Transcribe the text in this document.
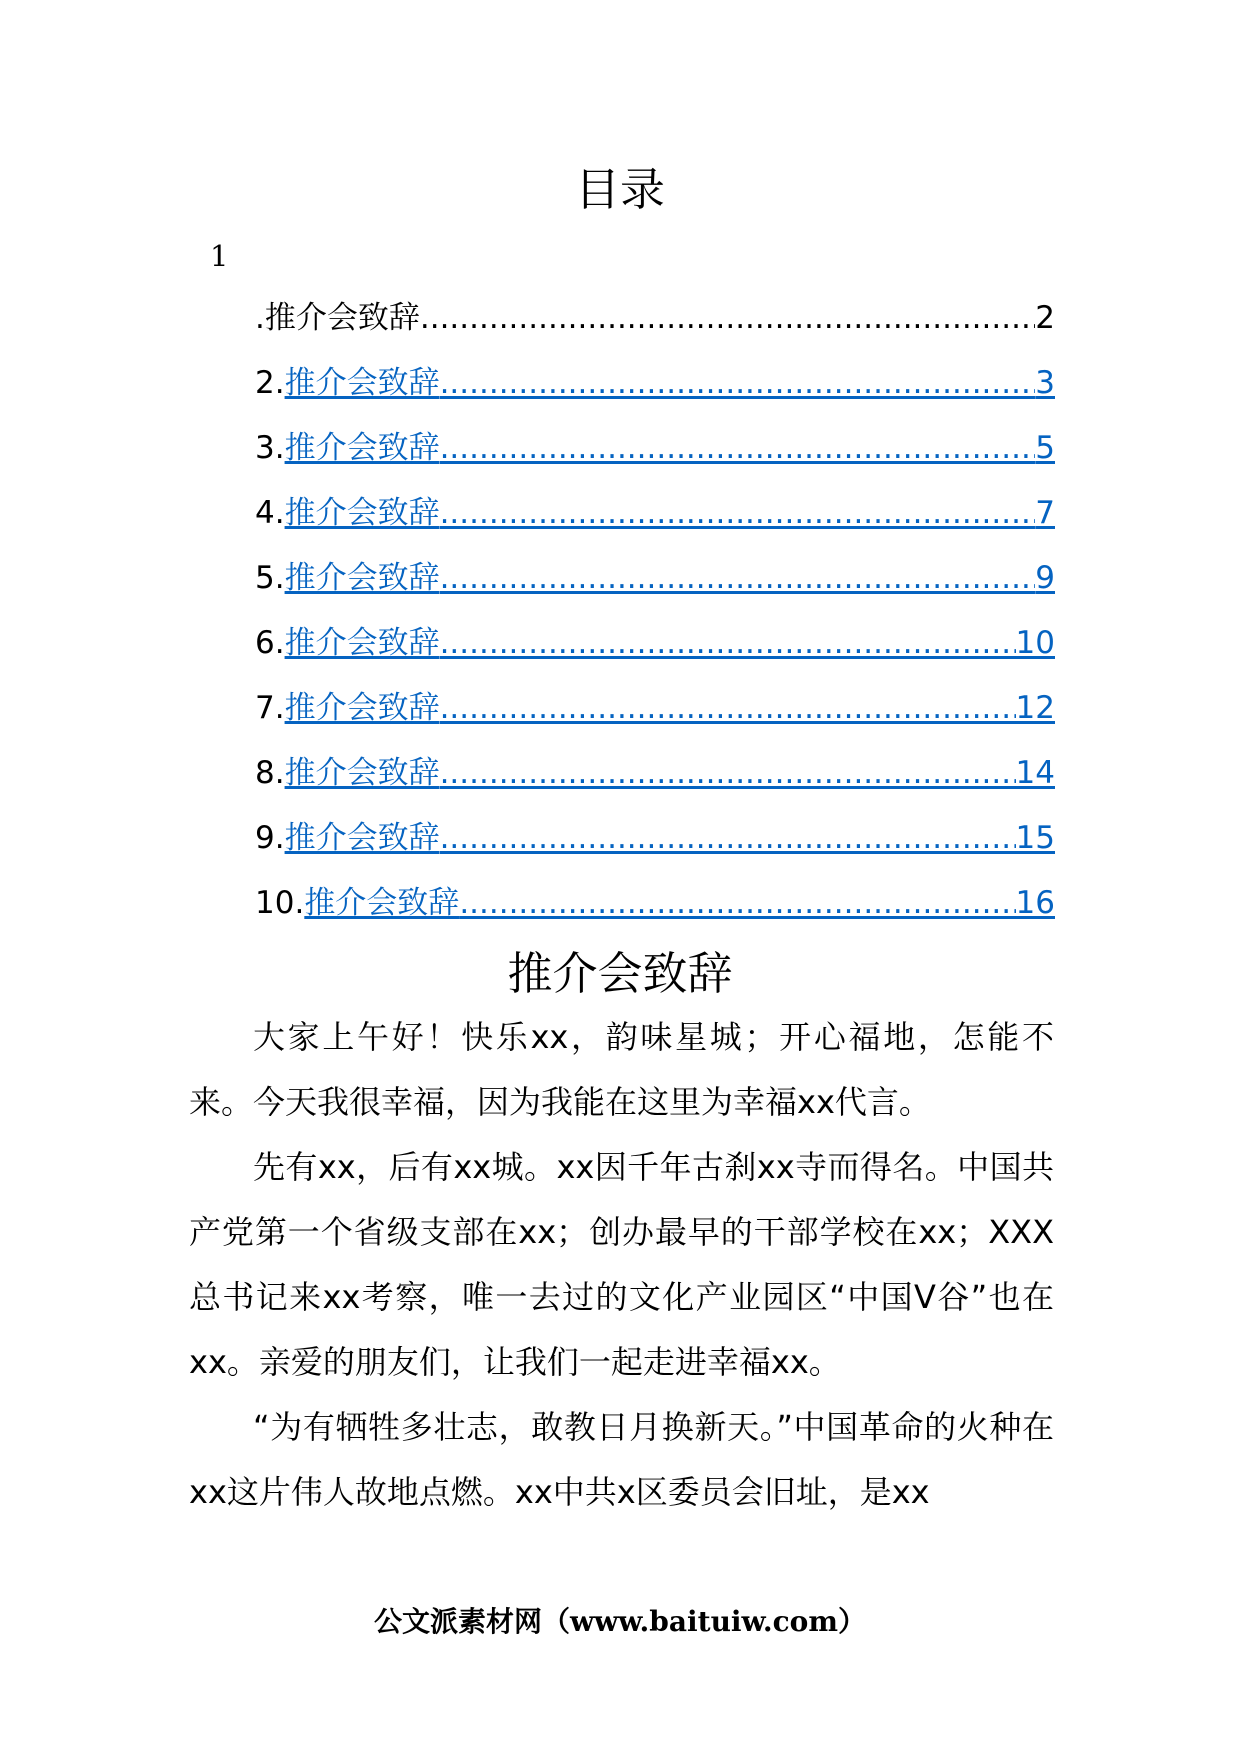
目录
1
.推介会致辞 .....	2
2. 推介会致辞 .....	3
3. 推介会致辞 .....	5
4. 推介会致辞 .....	7
5. 推介会致辞 .....	9
6. 推介会致辞 .....	10
7. 推介会致辞 .....	12
8. 推介会致辞 .....	14
9. 推介会致辞 .....	15
10. 推介会致辞 .....	16
推介会致辞

大家上午好！快乐xx，韵味星城；开心福地，怎能不来。今天我很幸福，因为我能在这里为幸福xx代言。

先有xx，后有xx城。xx因千年古刹xx寺而得名。中国共产党第一个省级支部在xx；创办最早的干部学校在xx；XXX总书记来xx考察，唯一去过的文化产业园区“中国V谷”也在xx。亲爱的朋友们，让我们一起走进幸福xx。

“为有牺牲多壮志，敢教日月换新天。”中国革命的火种在xx这片伟人故地点燃。xx中共x区委员会旧址，是xx

公文派素材网（www.baituiw.com）
